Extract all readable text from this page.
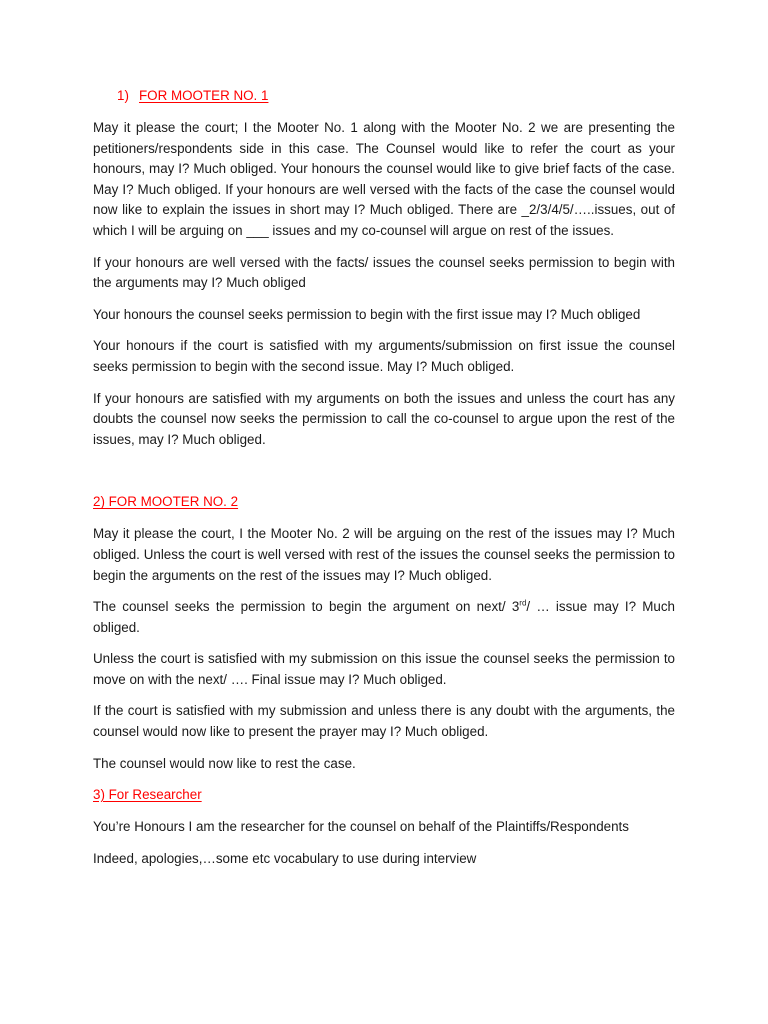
1) FOR MOOTER NO. 1

May it please the court; I the Mooter No. 1 along with the Mooter No. 2 we are presenting the petitioners/respondents side in this case. The Counsel would like to refer the court as your honours, may I? Much obliged. Your honours the counsel would like to give brief facts of the case. May I? Much obliged. If your honours are well versed with the facts of the case the counsel would now like to explain the issues in short may I? Much obliged. There are _2/3/4/5/…..issues, out of which I will be arguing on ___ issues and my co-counsel will argue on rest of the issues.

If your honours are well versed with the facts/ issues the counsel seeks permission to begin with the arguments may I? Much obliged

Your honours the counsel seeks permission to begin with the first issue may I? Much obliged

Your honours if the court is satisfied with my arguments/submission on first issue the counsel seeks permission to begin with the second issue. May I? Much obliged.

If your honours are satisfied with my arguments on both the issues and unless the court has any doubts the counsel now seeks the permission to call the co-counsel to argue upon the rest of the issues, may I? Much obliged.

2) FOR MOOTER NO. 2

May it please the court, I the Mooter No. 2 will be arguing on the rest of the issues may I? Much obliged. Unless the court is well versed with rest of the issues the counsel seeks the permission to begin the arguments on the rest of the issues may I? Much obliged.

The counsel seeks the permission to begin the argument on next/ 3rd/ … issue may I? Much obliged.

Unless the court is satisfied with my submission on this issue the counsel seeks the permission to move on with the next/ …. Final issue may I? Much obliged.

If the court is satisfied with my submission and unless there is any doubt with the arguments, the counsel would now like to present the prayer may I? Much obliged.

The counsel would now like to rest the case.

3) For Researcher

You’re Honours I am the researcher for the counsel on behalf of the Plaintiffs/Respondents

Indeed, apologies,…some etc vocabulary to use during interview
